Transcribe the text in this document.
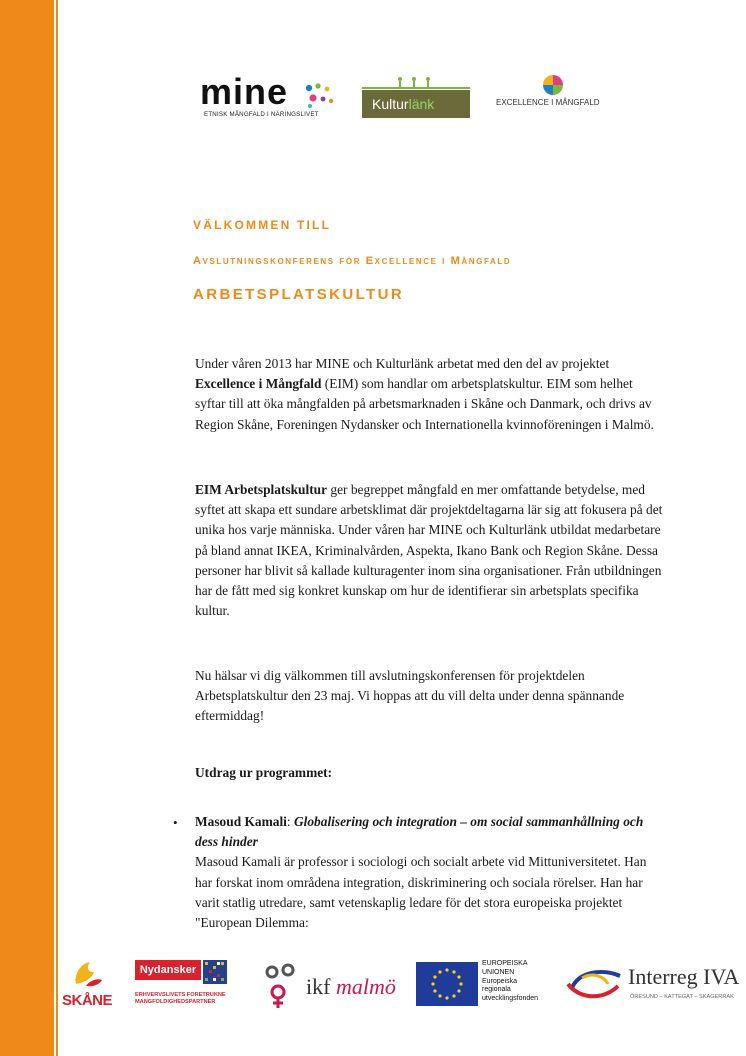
mine
ETNISK MÅNGFALD I NÄRINGSLIVET
Kulturlänk	EXCELLENCE I MÅNGFALD
VÄLKOMMEN TILL
Avslutningskonferens för Excellence i Mångfald
ARBETSPLATSKULTUR

Under våren 2013 har MINE och Kulturlänk arbetat med den del av projektet Excellence i Mångfald (EIM) som handlar om arbetsplatskultur. EIM som helhet syftar till att öka mångfalden på arbetsmarknaden i Skåne och Danmark, och drivs av Region Skåne, Foreningen Nydansker och Internationella kvinnoföreningen i Malmö.

EIM Arbetsplatskultur ger begreppet mångfald en mer omfattande betydelse, med syftet att skapa ett sundare arbetsklimat där projektdeltagarna lär sig att fokusera på det unika hos varje människa. Under våren har MINE och Kulturlänk utbildat medarbetare på bland annat IKEA, Kriminalvården, Aspekta, Ikano Bank och Region Skåne. Dessa personer har blivit så kallade kulturagenter inom sina organisationer. Från utbildningen har de fått med sig konkret kunskap om hur de identifierar sin arbetsplats specifika kultur.

Nu hälsar vi dig välkommen till avslutningskonferensen för projektdelen Arbetsplatskultur den 23 maj. Vi hoppas att du vill delta under denna spännande eftermiddag!

Utdrag ur programmet:
• Masoud Kamali: Globalisering och integration – om social sammanhållning och dess hinder
Masoud Kamali är professor i sociologi och socialt arbete vid Mittuniversitetet. Han har forskat inom områdena integration, diskriminering och sociala rörelser. Han har varit statlig utredare, samt vetenskaplig ledare för det stora europeiska projektet "European Dilemma:
SKÅNE
Nydansker
ERHVERVSLIVETS FORETRUKNE
MANGFOLDIGHEDSPARTNER
ikf malmö
EUROPEISKA
UNIONEN
Europeiska
regionala
utvecklingsfonden
Interreg IVA
ÖRESUND – KATTEGAT – SKAGERRAK
